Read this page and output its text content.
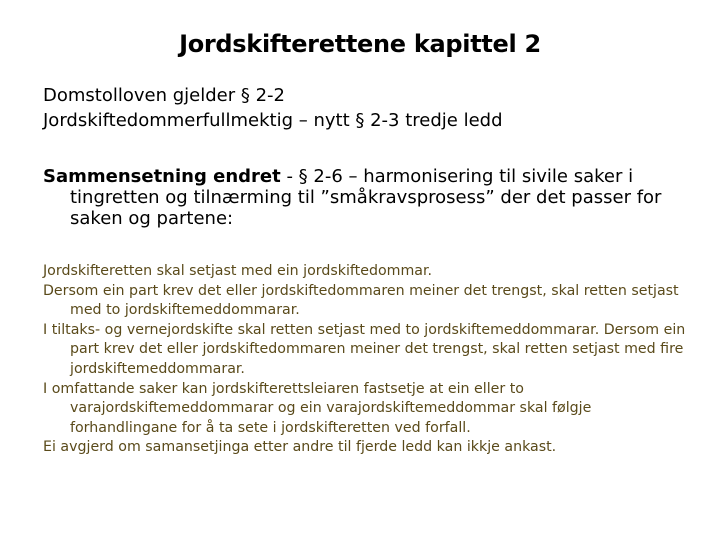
Jordskifterettene kapittel 2
Domstolloven gjelder § 2-2
Jordskiftedommerfullmektig – nytt § 2-3 tredje ledd
Sammensetning endret - § 2-6 – harmonisering til sivile saker i tingretten og tilnærming til ”småkravsprosess” der det passer for saken og partene:

Jordskifteretten skal setjast med ein jordskiftedommar.

Dersom ein part krev det eller jordskiftedommaren meiner det trengst, skal retten setjast med to jordskiftemeddommarar.

I tiltaks- og vernejordskifte skal retten setjast med to jordskiftemeddommarar. Dersom ein part krev det eller jordskiftedommaren meiner det trengst, skal retten setjast med fire jordskiftemeddommarar.

I omfattande saker kan jordskifterettsleiaren fastsetje at ein eller to varajordskiftemeddommarar og ein varajordskiftemeddommar skal følgje forhandlingane for å ta sete i jordskifteretten ved forfall.

Ei avgjerd om samansetjinga etter andre til fjerde ledd kan ikkje ankast.
